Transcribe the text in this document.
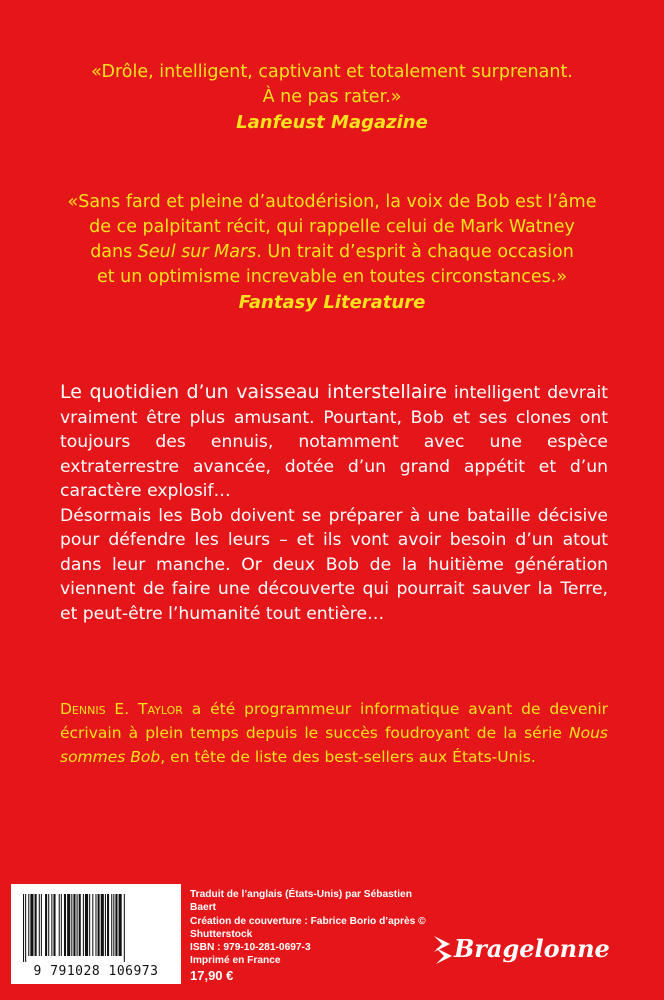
«Drôle, intelligent, captivant et totalement surprenant.
À ne pas rater.»
Lanfeust Magazine
«Sans fard et pleine d’autodérision, la voix de Bob est l’âme
de ce palpitant récit, qui rappelle celui de Mark Watney
dans Seul sur Mars. Un trait d’esprit à chaque occasion
et un optimisme increvable en toutes circonstances.»
Fantasy Literature

Le quotidien d’un vaisseau interstellaire intelligent devrait vraiment être plus amusant. Pourtant, Bob et ses clones ont toujours des ennuis, notamment avec une espèce extraterrestre avancée, dotée d’un grand appétit et d’un caractère explosif…

Désormais les Bob doivent se préparer à une bataille décisive pour défendre les leurs – et ils vont avoir besoin d’un atout dans leur manche. Or deux Bob de la huitième génération viennent de faire une découverte qui pourrait sauver la Terre, et peut-être l’humanité tout entière…

Dennis E. Taylor a été programmeur informatique avant de devenir écrivain à plein temps depuis le succès foudroyant de la série Nous sommes Bob, en tête de liste des best-sellers aux États-Unis.
9 791028 106973
Traduit de l’anglais (États-Unis) par Sébastien Baert
Création de couverture : Fabrice Borio d’après © Shutterstock
ISBN : 979-10-281-0697-3
Imprimé en France
17,90 €
Bragelonne
